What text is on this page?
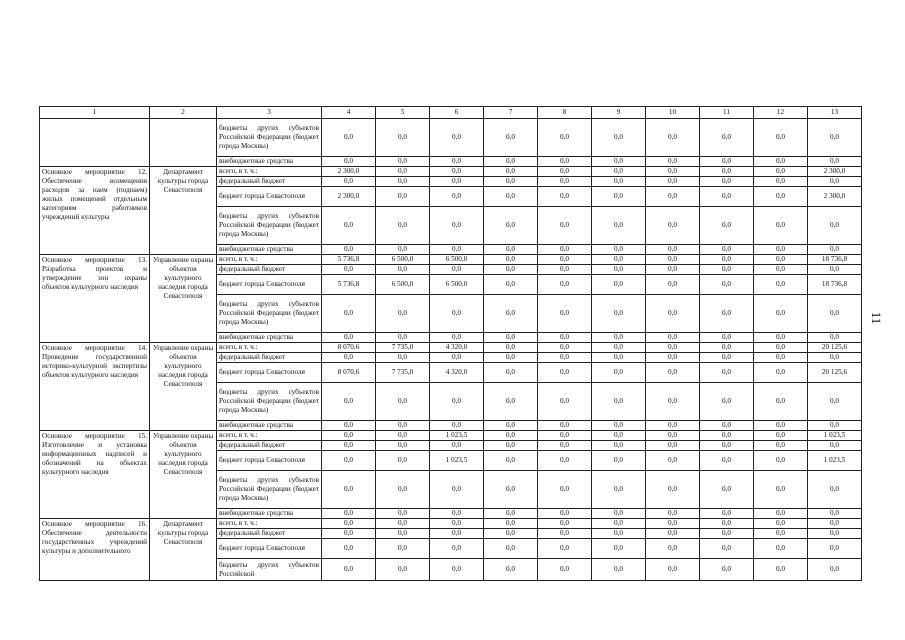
1	2	3	4	5	6	7	8	9	10	11	12	13
		бюджеты других субъектов Российской Федерации (бюджет города Москвы)	0,0	0,0	0,0	0,0	0,0	0,0	0,0	0,0	0,0	0,0
		внебюджетные средства	0,0	0,0	0,0	0,0	0,0	0,0	0,0	0,0	0,0	0,0
Основное мероприятие 12. Обеспечение возмещения расходов за наем (поднаем) жилых помещений отдельным категориям работников учреждений культуры	Департамент культуры города Севастополя	всего, в т. ч.:	2 300,0	0,0	0,0	0,0	0,0	0,0	0,0	0,0	0,0	2 300,0
		федеральный бюджет	0,0	0,0	0,0	0,0	0,0	0,0	0,0	0,0	0,0	0,0
		бюджет города Севастополя	2 300,0	0,0	0,0	0,0	0,0	0,0	0,0	0,0	0,0	2 300,0
		бюджеты других субъектов Российской Федерации (бюджет города Москвы)	0,0	0,0	0,0	0,0	0,0	0,0	0,0	0,0	0,0	0,0
		внебюджетные средства	0,0	0,0	0,0	0,0	0,0	0,0	0,0	0,0	0,0	0,0
Основное мероприятие 13. Разработка проектов и утверждение зон охраны объектов культурного наследия	Управление охраны объектов культурного наследия города Севастополя	всего, в т. ч.:	5 736,8	6 500,0	6 500,0	0,0	0,0	0,0	0,0	0,0	0,0	18 736,8
		федеральный бюджет	0,0	0,0	0,0	0,0	0,0	0,0	0,0	0,0	0,0	0,0
		бюджет города Севастополя	5 736,8	6 500,0	6 500,0	0,0	0,0	0,0	0,0	0,0	0,0	18 736,8
		бюджеты других субъектов Российской Федерации (бюджет города Москвы)	0,0	0,0	0,0	0,0	0,0	0,0	0,0	0,0	0,0	0,0
		внебюджетные средства	0,0	0,0	0,0	0,0	0,0	0,0	0,0	0,0	0,0	0,0
Основное мероприятие 14. Проведение государственной историко-культурной экспертизы объектов культурного наследия	Управление охраны объектов культурного наследия города Севастополя	всего, в т. ч.:	8 070,6	7 735,0	4 320,0	0,0	0,0	0,0	0,0	0,0	0,0	20 125,6
		федеральный бюджет	0,0	0,0	0,0	0,0	0,0	0,0	0,0	0,0	0,0	0,0
		бюджет города Севастополя	8 070,6	7 735,0	4 320,0	0,0	0,0	0,0	0,0	0,0	0,0	20 125,6
		бюджеты других субъектов Российской Федерации (бюджет города Москвы)	0,0	0,0	0,0	0,0	0,0	0,0	0,0	0,0	0,0	0,0
		внебюджетные средства	0,0	0,0	0,0	0,0	0,0	0,0	0,0	0,0	0,0	0,0
Основное мероприятие 15. Изготовление и установка информационных надписей и обозначений на объектах культурного наследия	Управление охраны объектов культурного наследия города Севастополя	всего, в т. ч.:	0,0	0,0	1 023,5	0,0	0,0	0,0	0,0	0,0	0,0	1 023,5
		федеральный бюджет	0,0	0,0	0,0	0,0	0,0	0,0	0,0	0,0	0,0	0,0
		бюджет города Севастополя	0,0	0,0	1 023,5	0,0	0,0	0,0	0,0	0,0	0,0	1 023,5
		бюджеты других субъектов Российской Федерации (бюджет города Москвы)	0,0	0,0	0,0	0,0	0,0	0,0	0,0	0,0	0,0	0,0
		внебюджетные средства	0,0	0,0	0,0	0,0	0,0	0,0	0,0	0,0	0,0	0,0
Основное мероприятие 16. Обеспечение деятельности государственных учреждений культуры и дополнительного	Департамент культуры города Севастополя	всего, в т. ч.:	0,0	0,0	0,0	0,0	0,0	0,0	0,0	0,0	0,0	0,0
		федеральный бюджет	0,0	0,0	0,0	0,0	0,0	0,0	0,0	0,0	0,0	0,0
		бюджет города Севастополя	0,0	0,0	0,0	0,0	0,0	0,0	0,0	0,0	0,0	0,0
		бюджеты других субъектов Российской	0,0	0,0	0,0	0,0	0,0	0,0	0,0	0,0	0,0	0,0
11
